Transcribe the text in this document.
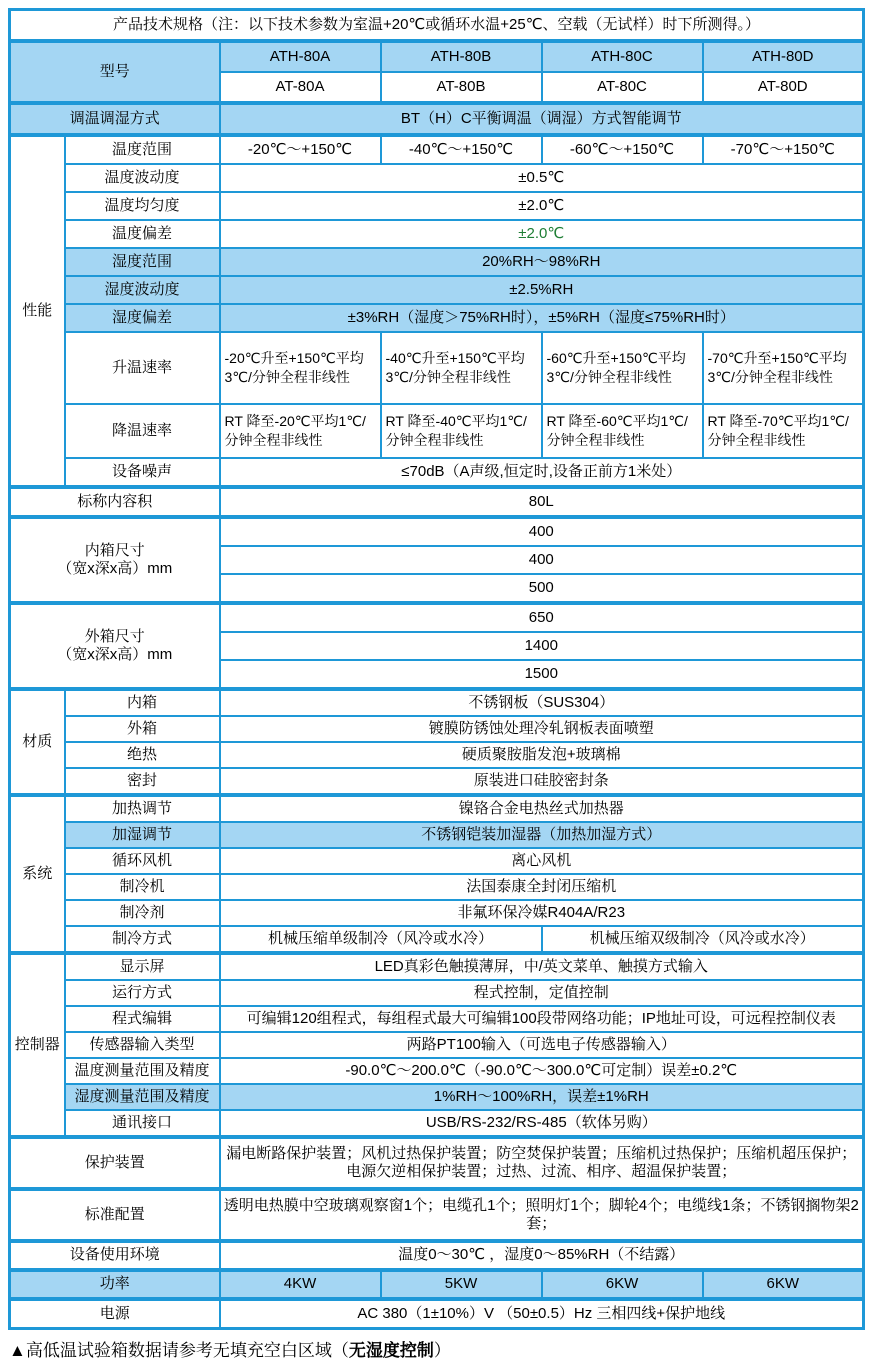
产品技术规格（注：以下技术参数为室温+20℃或循环水温+25℃、空载（无试样）时下所测得。）					
型号		ATH-80A	ATH-80B	ATH-80C	ATH-80D
		AT-80A	AT-80B	AT-80C	AT-80D
调温调湿方式		BT（H）C平衡调温（调湿）方式智能调节			
性能	温度范围	-20℃～+150℃	-40℃～+150℃	-60℃～+150℃	-70℃～+150℃
	温度波动度	±0.5℃			
	温度均匀度	±2.0℃			
	温度偏差	±2.0℃			
	湿度范围	20%RH～98%RH			
	湿度波动度	±2.5%RH			
	湿度偏差	±3%RH（湿度＞75%RH时），±5%RH（湿度≤75%RH时）			
	升温速率	-20℃升至+150℃平均3℃/分钟全程非线性	-40℃升至+150℃平均3℃/分钟全程非线性	-60℃升至+150℃平均3℃/分钟全程非线性	-70℃升至+150℃平均3℃/分钟全程非线性
	降温速率	RT 降至-20℃平均1℃/分钟全程非线性	RT 降至-40℃平均1℃/分钟全程非线性	RT 降至-60℃平均1℃/分钟全程非线性	RT 降至-70℃平均1℃/分钟全程非线性
	设备噪声	≤70dB（A声级,恒定时,设备正前方1米处）			
标称内容积		80L			
内箱尺寸
（宽x深x高）mm		400			
		400			
		500			
外箱尺寸
（宽x深x高）mm		650			
		1400			
		1500			
材质	内箱	不锈钢板（SUS304）			
	外箱	镀膜防锈蚀处理冷轧钢板表面喷塑			
	绝热	硬质聚胺脂发泡+玻璃棉			
	密封	原装进口硅胶密封条			
系统	加热调节	镍铬合金电热丝式加热器			
	加湿调节	不锈钢铠装加湿器（加热加湿方式）			
	循环风机	离心风机			
	制冷机	法国泰康全封闭压缩机			
	制冷剂	非氟环保冷媒R404A/R23			
	制冷方式	机械压缩单级制冷（风冷或水冷）		机械压缩双级制冷（风冷或水冷）	
控制器	显示屏	LED真彩色触摸薄屏，中/英文菜单、触摸方式输入			
	运行方式	程式控制，定值控制			
	程式编辑	可编辑120组程式，每组程式最大可编辑100段带网络功能；IP地址可设，可远程控制仪表			
	传感器输入类型	两路PT100输入（可选电子传感器输入）			
	温度测量范围及精度	-90.0℃～200.0℃（-90.0℃～300.0℃可定制）误差±0.2℃			
	湿度测量范围及精度	1%RH～100%RH，误差±1%RH			
	通讯接口	USB/RS-232/RS-485（软体另购）			
保护装置		漏电断路保护装置；风机过热保护装置；防空焚保护装置；压缩机过热保护；压缩机超压保护；电源欠逆相保护装置；过热、过流、相序、超温保护装置；			
标准配置		透明电热膜中空玻璃观察窗1个；电缆孔1个；照明灯1个；脚轮4个；电缆线1条；不锈钢搁物架2套；			
设备使用环境		温度0～30℃ ，湿度0～85%RH（不结露）			
功率		4KW	5KW	6KW	6KW
电源		AC 380（1±10%）V （50±0.5）Hz 三相四线+保护地线			
▲高低温试验箱数据请参考无填充空白区域（无湿度控制）
